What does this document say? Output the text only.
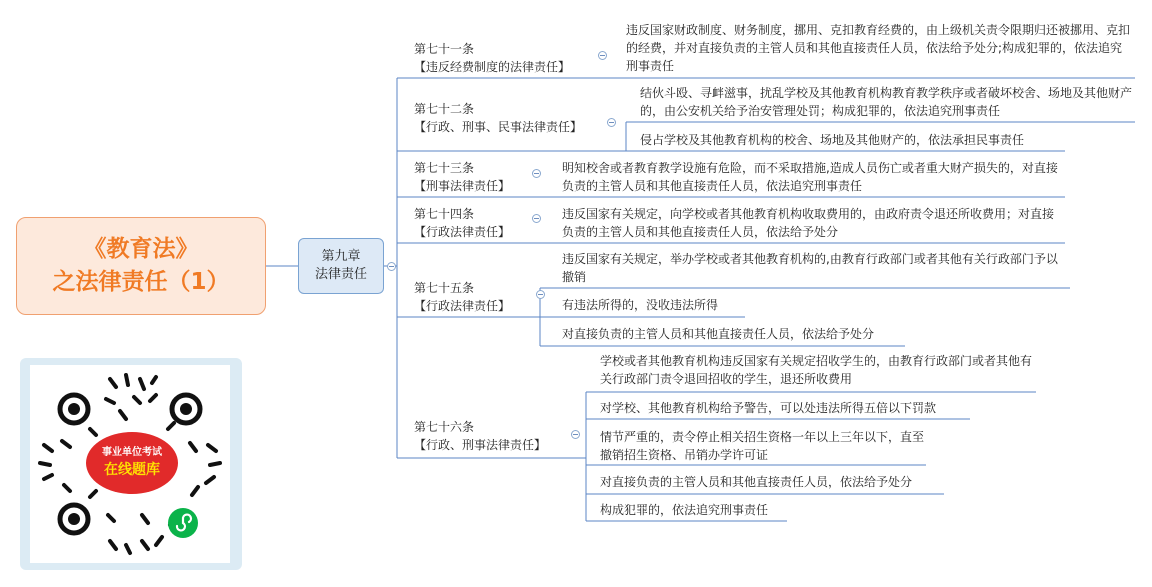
《教育法》
之法律责任（1）
第九章
法律责任
第七十一条
【违反经费制度的法律责任】
违反国家财政制度、财务制度，挪用、克扣教育经费的，由上级机关责令限期归还被挪用、克扣的经费，并对直接负责的主管人员和其他直接责任人员，依法给予处分;构成犯罪的，依法追究刑事责任
第七十二条
【行政、刑事、民事法律责任】
结伙斗殴、寻衅滋事，扰乱学校及其他教育机构教育教学秩序或者破坏校舍、场地及其他财产的，由公安机关给予治安管理处罚；构成犯罪的，依法追究刑事责任
侵占学校及其他教育机构的校舍、场地及其他财产的，依法承担民事责任
第七十三条
【刑事法律责任】
明知校舍或者教育教学设施有危险，而不采取措施,造成人员伤亡或者重大财产损失的，对直接负责的主管人员和其他直接责任人员，依法追究刑事责任
第七十四条
【行政法律责任】
违反国家有关规定，向学校或者其他教育机构收取费用的，由政府责令退还所收费用；对直接负责的主管人员和其他直接责任人员，依法给予处分
第七十五条
【行政法律责任】
违反国家有关规定，举办学校或者其他教育机构的,由教育行政部门或者其他有关行政部门予以撤销
有违法所得的，没收违法所得
对直接负责的主管人员和其他直接责任人员，依法给予处分
第七十六条
【行政、刑事法律责任】
学校或者其他教育机构违反国家有关规定招收学生的，由教育行政部门或者其他有关行政部门责令退回招收的学生，退还所收费用
对学校、其他教育机构给予警告，可以处违法所得五倍以下罚款
情节严重的，责令停止相关招生资格一年以上三年以下，直至撤销招生资格、吊销办学许可证
对直接负责的主管人员和其他直接责任人员，依法给予处分
构成犯罪的，依法追究刑事责任
事业单位考试
在线题库
